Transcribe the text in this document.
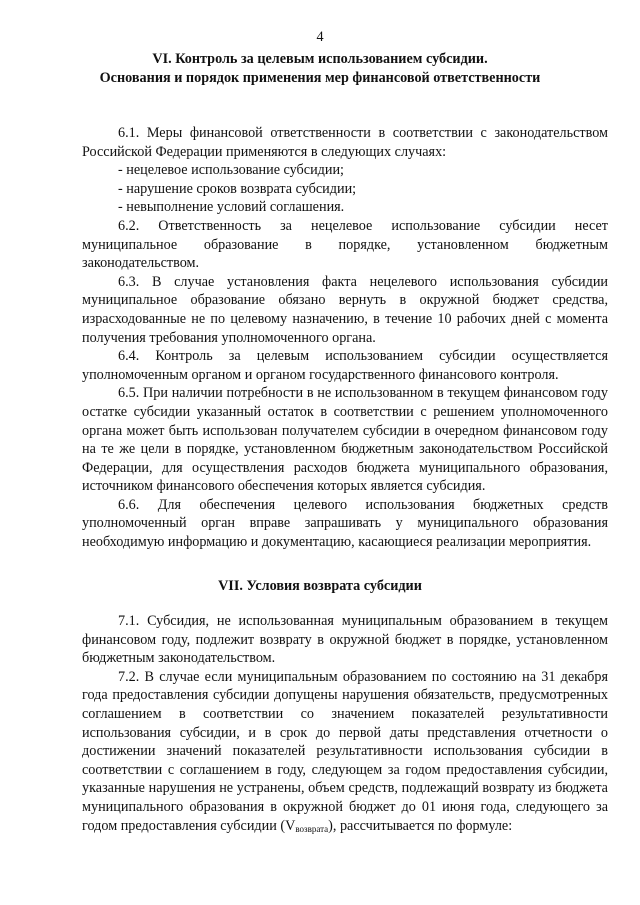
4
VI. Контроль за целевым использованием субсидии.
Основания и порядок применения мер финансовой ответственности

6.1. Меры финансовой ответственности в соответствии с законодательством Российской Федерации применяются в следующих случаях:

- нецелевое использование субсидии;

- нарушение сроков возврата субсидии;

- невыполнение условий соглашения.

6.2. Ответственность за нецелевое использование субсидии несет муниципальное образование в порядке, установленном бюджетным законодательством.

6.3. В случае установления факта нецелевого использования субсидии муниципальное образование обязано вернуть в окружной бюджет средства, израсходованные не по целевому назначению, в течение 10 рабочих дней с момента получения требования уполномоченного органа.

6.4. Контроль за целевым использованием субсидии осуществляется уполномоченным органом и органом государственного финансового контроля.

6.5. При наличии потребности в не использованном в текущем финансовом году остатке субсидии указанный остаток в соответствии с решением уполномоченного органа может быть использован получателем субсидии в очередном финансовом году на те же цели в порядке, установленном бюджетным законодательством Российской Федерации, для осуществления расходов бюджета муниципального образования, источником финансового обеспечения которых является субсидия.

6.6. Для обеспечения целевого использования бюджетных средств уполномоченный орган вправе запрашивать у муниципального образования необходимую информацию и документацию, касающиеся реализации мероприятия.

VII. Условия возврата субсидии

7.1. Субсидия, не использованная муниципальным образованием в текущем финансовом году, подлежит возврату в окружной бюджет в порядке, установленном бюджетным законодательством.

7.2. В случае если муниципальным образованием по состоянию на 31 декабря года предоставления субсидии допущены нарушения обязательств, предусмотренных соглашением в соответствии со значением показателей результативности использования субсидии, и в срок до первой даты представления отчетности о достижении значений показателей результативности использования субсидии в соответствии с соглашением в году, следующем за годом предоставления субсидии, указанные нарушения не устранены, объем средств, подлежащий возврату из бюджета муниципального образования в окружной бюджет до 01 июня года, следующего за годом предоставления субсидии $(V_{возврата})$, рассчитывается по формуле:
